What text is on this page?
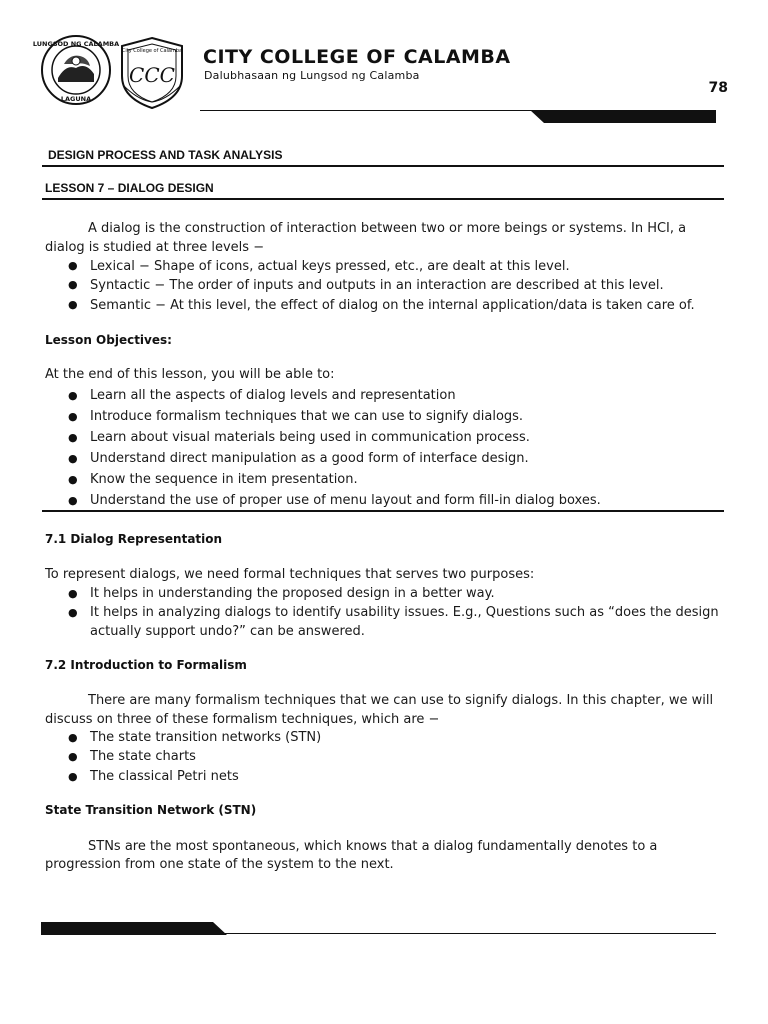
LUNGSOD NG CALAMBA
LAGUNA
City College of Calamba
CCC
CITY COLLEGE OF CALAMBA
Dalubhasaan ng Lungsod ng Calamba
78
DESIGN PROCESS AND TASK ANALYSIS
LESSON 7 – DIALOG DESIGN
A dialog is the construction of interaction between two or more beings or systems. In HCI, a
dialog is studied at three levels −
● Lexical − Shape of icons, actual keys pressed, etc., are dealt at this level.
● Syntactic − The order of inputs and outputs in an interaction are described at this level.
● Semantic − At this level, the effect of dialog on the internal application/data is taken care of.
Lesson Objectives:
At the end of this lesson, you will be able to:
● Learn all the aspects of dialog levels and representation
● Introduce formalism techniques that we can use to signify dialogs.
● Learn about visual materials being used in communication process.
● Understand direct manipulation as a good form of interface design.
● Know the sequence in item presentation.
● Understand the use of proper use of menu layout and form fill-in dialog boxes.
7.1 Dialog Representation
To represent dialogs, we need formal techniques that serves two purposes:
● It helps in understanding the proposed design in a better way.
● It helps in analyzing dialogs to identify usability issues. E.g., Questions such as “does the design
actually support undo?” can be answered.
7.2 Introduction to Formalism
There are many formalism techniques that we can use to signify dialogs. In this chapter, we will
discuss on three of these formalism techniques, which are −
● The state transition networks (STN)
● The state charts
● The classical Petri nets
State Transition Network (STN)
STNs are the most spontaneous, which knows that a dialog fundamentally denotes to a
progression from one state of the system to the next.
